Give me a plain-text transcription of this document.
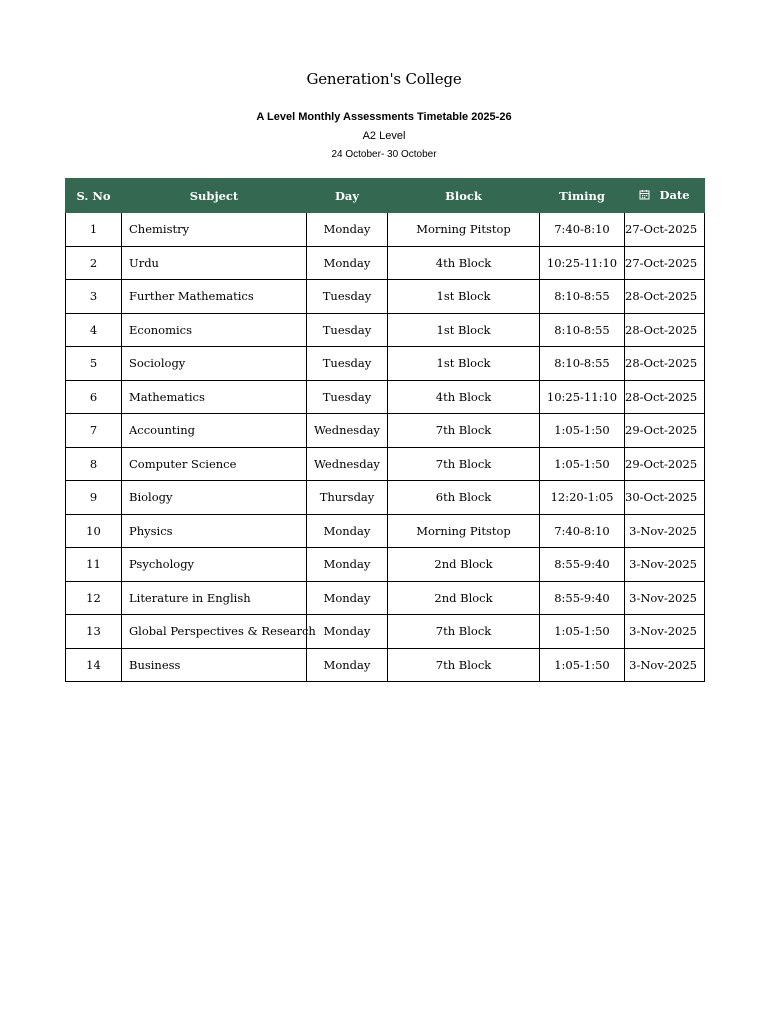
Generation's College
A Level Monthly Assessments Timetable 2025-26
A2 Level
24 October- 30 October
S. No	Subject	Day	Block	Timing	Date
1	Chemistry	Monday	Morning Pitstop	7:40-8:10	27-Oct-2025
2	Urdu	Monday	4th Block	10:25-11:10	27-Oct-2025
3	Further Mathematics	Tuesday	1st Block	8:10-8:55	28-Oct-2025
4	Economics	Tuesday	1st Block	8:10-8:55	28-Oct-2025
5	Sociology	Tuesday	1st Block	8:10-8:55	28-Oct-2025
6	Mathematics	Tuesday	4th Block	10:25-11:10	28-Oct-2025
7	Accounting	Wednesday	7th Block	1:05-1:50	29-Oct-2025
8	Computer Science	Wednesday	7th Block	1:05-1:50	29-Oct-2025
9	Biology	Thursday	6th Block	12:20-1:05	30-Oct-2025
10	Physics	Monday	Morning Pitstop	7:40-8:10	3-Nov-2025
11	Psychology	Monday	2nd Block	8:55-9:40	3-Nov-2025
12	Literature in English	Monday	2nd Block	8:55-9:40	3-Nov-2025
13	Global Perspectives & Research	Monday	7th Block	1:05-1:50	3-Nov-2025
14	Business	Monday	7th Block	1:05-1:50	3-Nov-2025
